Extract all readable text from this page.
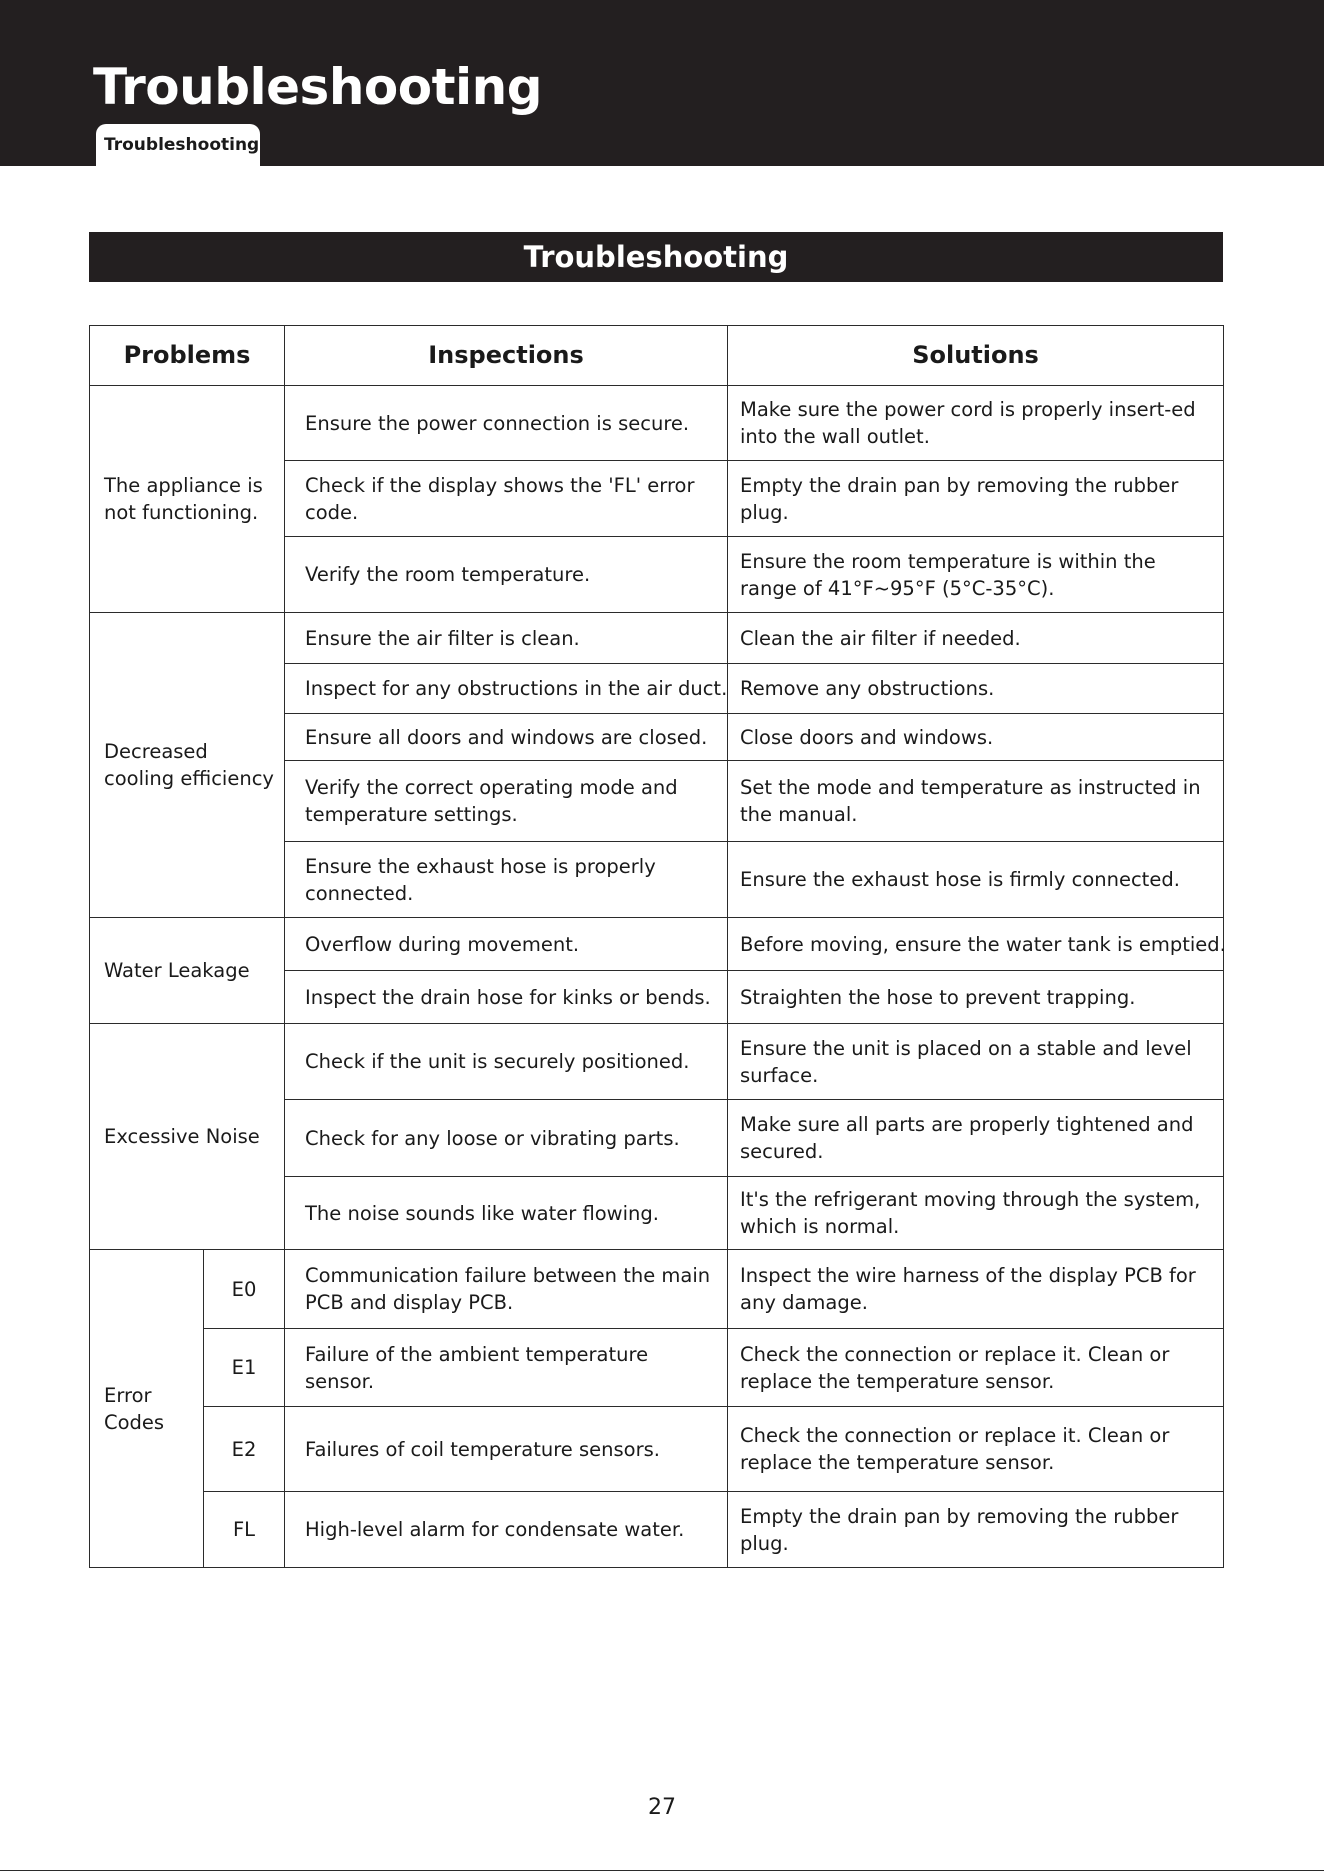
Troubleshooting
Troubleshooting
Troubleshooting
Problems		Inspections	Solutions
The appliance is not functioning.		Ensure the power connection is secure.	Make sure the power cord is properly insert-ed into the wall outlet.
		Check if the display shows the 'FL' error code.	Empty the drain pan by removing the rubber plug.
		Verify the room temperature.	Ensure the room temperature is within the range of 41°F~95°F (5°C-35°C).
Decreased cooling efficiency		Ensure the air filter is clean.	Clean the air filter if needed.
		Inspect for any obstructions in the air duct.	Remove any obstructions.
		Ensure all doors and windows are closed.	Close doors and windows.
		Verify the correct operating mode and temperature settings.	Set the mode and temperature as instructed in the manual.
		Ensure the exhaust hose is properly connected.	Ensure the exhaust hose is firmly connected.
Water Leakage		Overflow during movement.	Before moving, ensure the water tank is emptied.
		Inspect the drain hose for kinks or bends.	Straighten the hose to prevent trapping.
Excessive Noise		Check if the unit is securely positioned.	Ensure the unit is placed on a stable and level surface.
		Check for any loose or vibrating parts.	Make sure all parts are properly tightened and secured.
		The noise sounds like water flowing.	It's the refrigerant moving through the system, which is normal.
Error Codes	E0	Communication failure between the main PCB and display PCB.	Inspect the wire harness of the display PCB for any damage.
	E1	Failure of the ambient temperature sensor.	Check the connection or replace it. Clean or replace the temperature sensor.
	E2	Failures of coil temperature sensors.	Check the connection or replace it. Clean or replace the temperature sensor.
	FL	High-level alarm for condensate water.	Empty the drain pan by removing the rubber plug.
27
